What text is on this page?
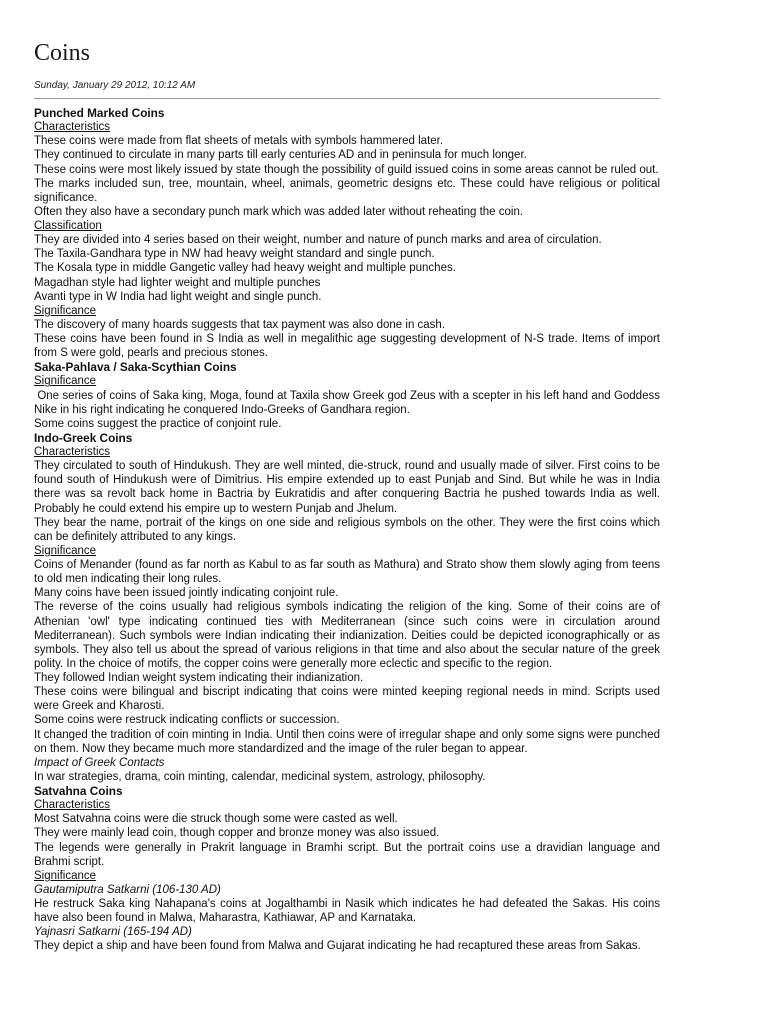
Coins
Sunday, January 29 2012, 10:12 AM
Punched Marked Coins
Characteristics
These coins were made from flat sheets of metals with symbols hammered later.
They continued to circulate in many parts till early centuries AD and in peninsula for much longer.
These coins were most likely issued by state though the possibility of guild issued coins in some areas cannot be ruled out.
The marks included sun, tree, mountain, wheel, animals, geometric designs etc. These could have religious or political significance.
Often they also have a secondary punch mark which was added later without reheating the coin.
Classification
They are divided into 4 series based on their weight, number and nature of punch marks and area of circulation.
The Taxila-Gandhara type in NW had heavy weight standard and single punch.
The Kosala type in middle Gangetic valley had heavy weight and multiple punches.
Magadhan style had lighter weight and multiple punches
Avanti type in W India had light weight and single punch.
Significance
The discovery of many hoards suggests that tax payment was also done in cash.
These coins have been found in S India as well in megalithic age suggesting development of N-S trade. Items of import from S were gold, pearls and precious stones.
Saka-Pahlava / Saka-Scythian Coins
Significance
One series of coins of Saka king, Moga, found at Taxila show Greek god Zeus with a scepter in his left hand and Goddess Nike in his right indicating he conquered Indo-Greeks of Gandhara region.
Some coins suggest the practice of conjoint rule.
Indo-Greek Coins
Characteristics
They circulated to south of Hindukush. They are well minted, die-struck, round and usually made of silver. First coins to be found south of Hindukush were of Dimitrius. His empire extended up to east Punjab and Sind. But while he was in India there was sa revolt back home in Bactria by Eukratidis and after conquering Bactria he pushed towards India as well. Probably he could extend his empire up to western Punjab and Jhelum.
They bear the name, portrait of the kings on one side and religious symbols on the other. They were the first coins which can be definitely attributed to any kings.
Significance
Coins of Menander (found as far north as Kabul to as far south as Mathura) and Strato show them slowly aging from teens to old men indicating their long rules.
Many coins have been issued jointly indicating conjoint rule.
The reverse of the coins usually had religious symbols indicating the religion of the king. Some of their coins are of Athenian 'owl' type indicating continued ties with Mediterranean (since such coins were in circulation around Mediterranean). Such symbols were Indian indicating their indianization. Deities could be depicted iconographically or as symbols. They also tell us about the spread of various religions in that time and also about the secular nature of the greek polity. In the choice of motifs, the copper coins were generally more eclectic and specific to the region.
They followed Indian weight system indicating their indianization.
These coins were bilingual and biscript indicating that coins were minted keeping regional needs in mind. Scripts used were Greek and Kharosti.
Some coins were restruck indicating conflicts or succession.
It changed the tradition of coin minting in India. Until then coins were of irregular shape and only some signs were punched on them. Now they became much more standardized and the image of the ruler began to appear.
Impact of Greek Contacts
In war strategies, drama, coin minting, calendar, medicinal system, astrology, philosophy.
Satvahna Coins
Characteristics
Most Satvahna coins were die struck though some were casted as well.
They were mainly lead coin, though copper and bronze money was also issued.
The legends were generally in Prakrit language in Bramhi script. But the portrait coins use a dravidian language and Brahmi script.
Significance
Gautamiputra Satkarni (106-130 AD)
He restruck Saka king Nahapana's coins at Jogalthambi in Nasik which indicates he had defeated the Sakas. His coins have also been found in Malwa, Maharastra, Kathiawar, AP and Karnataka.
Yajnasri Satkarni (165-194 AD)
They depict a ship and have been found from Malwa and Gujarat indicating he had recaptured these areas from Sakas.
